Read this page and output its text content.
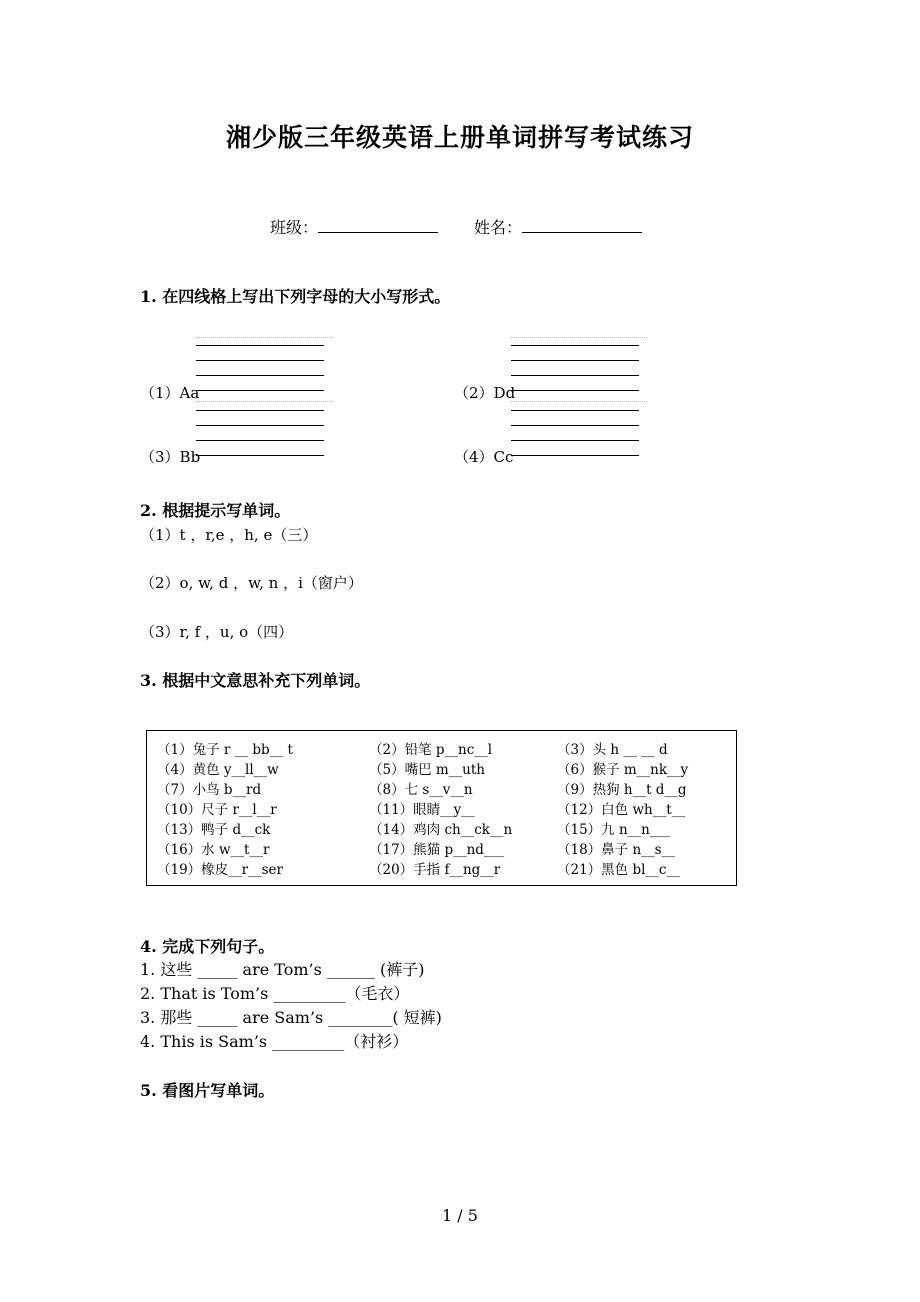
湘少版三年级英语上册单词拼写考试练习
班级：	姓名：
1. 在四线格上写出下列字母的大小写形式。
（1）Aa	（2）Dd
（3）Bb	（4）Cc
2. 根据提示写单词。
（1）t ，r,e ，h, e（三）
（2）o, w, d ，w, n ，i（窗户）
（3）r, f ，u, o（四）
3. 根据中文意思补充下列单词。
（1）兔子 r __ bb__ t	（2）铅笔 p__nc__l	（3）头 h __ __ d
（4）黄色 y__ll__w	（5）嘴巴 m__uth	（6）猴子 m__nk__y
（7）小鸟 b__rd	（8）七 s__v__n	（9）热狗 h__t d__g
（10）尺子 r__l__r	（11）眼睛__y__	（12）白色 wh__t__
（13）鸭子 d__ck	（14）鸡肉 ch__ck__n	（15）九 n__n___
（16）水 w__t__r	（17）熊猫 p__nd___	（18）鼻子 n__s__
（19）橡皮__r__ser	（20）手指 f__ng__r	（21）黑色 bl__c__
4. 完成下列句子。
1. 这些 _____ are Tom’s ______ (裤子)
2. That is Tom’s _________（毛衣）
3. 那些 _____ are Sam’s ________( 短裤)
4. This is Sam’s _________（衬衫）
5. 看图片写单词。
1 / 5
